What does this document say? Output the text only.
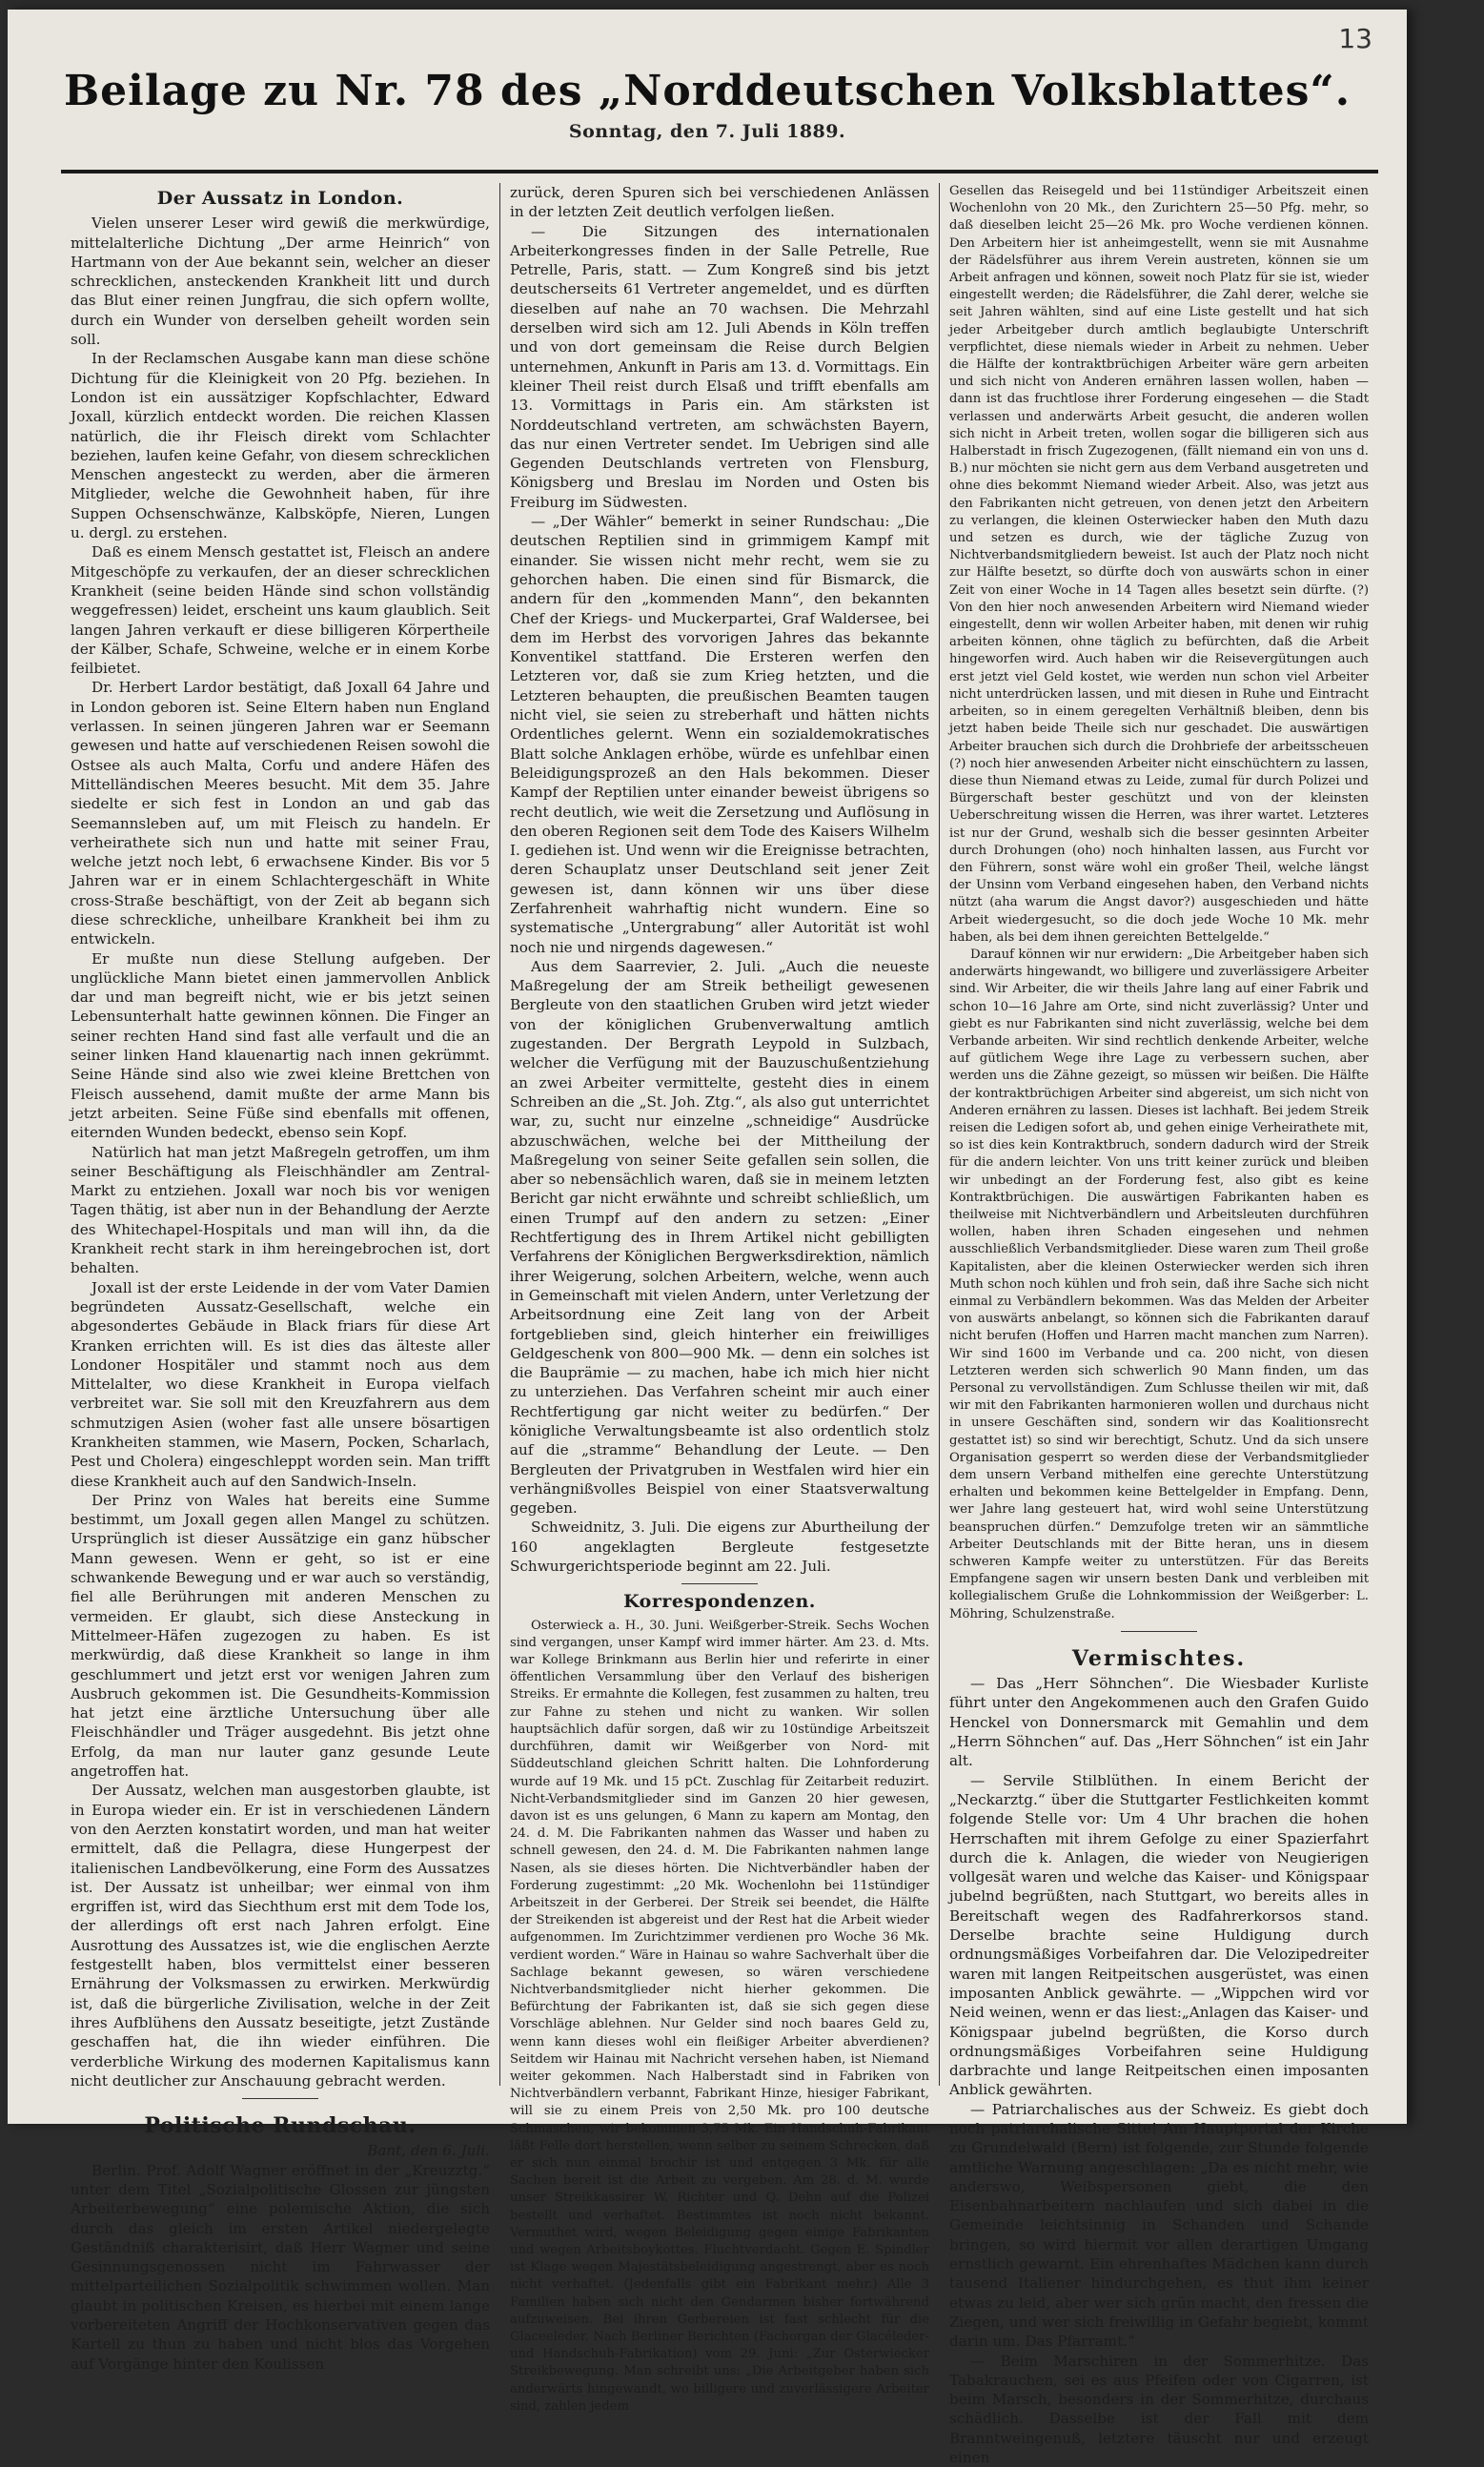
13
Beilage zu Nr. 78 des „Norddeutschen Volksblattes“.
Sonntag, den 7. Juli 1889.
Der Aussatz in London.

Vielen unserer Leser wird gewiß die merkwürdige, mittelalterliche Dichtung „Der arme Heinrich“ von Hartmann von der Aue bekannt sein, welcher an dieser schrecklichen, ansteckenden Krankheit litt und durch das Blut einer reinen Jungfrau, die sich opfern wollte, durch ein Wunder von derselben geheilt worden sein soll.

In der Reclamschen Ausgabe kann man diese schöne Dichtung für die Kleinigkeit von 20 Pfg. beziehen. In London ist ein aussätziger Kopfschlachter, Edward Joxall, kürzlich entdeckt worden. Die reichen Klassen natürlich, die ihr Fleisch direkt vom Schlachter beziehen, laufen keine Gefahr, von diesem schrecklichen Menschen angesteckt zu werden, aber die ärmeren Mitglieder, welche die Gewohnheit haben, für ihre Suppen Ochsenschwänze, Kalbsköpfe, Nieren, Lungen u. dergl. zu erstehen.

Daß es einem Mensch gestattet ist, Fleisch an andere Mitgeschöpfe zu verkaufen, der an dieser schrecklichen Krankheit (seine beiden Hände sind schon vollständig weggefressen) leidet, erscheint uns kaum glaublich. Seit langen Jahren verkauft er diese billigeren Körpertheile der Kälber, Schafe, Schweine, welche er in einem Korbe feilbietet.

Dr. Herbert Lardor bestätigt, daß Joxall 64 Jahre und in London geboren ist. Seine Eltern haben nun England verlassen. In seinen jüngeren Jahren war er Seemann gewesen und hatte auf verschiedenen Reisen sowohl die Ostsee als auch Malta, Corfu und andere Häfen des Mittelländischen Meeres besucht. Mit dem 35. Jahre siedelte er sich fest in London an und gab das Seemannsleben auf, um mit Fleisch zu handeln. Er verheirathete sich nun und hatte mit seiner Frau, welche jetzt noch lebt, 6 erwachsene Kinder. Bis vor 5 Jahren war er in einem Schlachtergeschäft in White cross-Straße beschäftigt, von der Zeit ab begann sich diese schreckliche, unheilbare Krankheit bei ihm zu entwickeln.

Er mußte nun diese Stellung aufgeben. Der unglückliche Mann bietet einen jammervollen Anblick dar und man begreift nicht, wie er bis jetzt seinen Lebensunterhalt hatte gewinnen können. Die Finger an seiner rechten Hand sind fast alle verfault und die an seiner linken Hand klauenartig nach innen gekrümmt. Seine Hände sind also wie zwei kleine Brettchen von Fleisch aussehend, damit mußte der arme Mann bis jetzt arbeiten. Seine Füße sind ebenfalls mit offenen, eiternden Wunden bedeckt, ebenso sein Kopf.

Natürlich hat man jetzt Maßregeln getroffen, um ihm seiner Beschäftigung als Fleischhändler am Zentral-Markt zu entziehen. Joxall war noch bis vor wenigen Tagen thätig, ist aber nun in der Behandlung der Aerzte des Whitechapel-Hospitals und man will ihn, da die Krankheit recht stark in ihm hereingebrochen ist, dort behalten.

Joxall ist der erste Leidende in der vom Vater Damien begründeten Aussatz-Gesellschaft, welche ein abgesondertes Gebäude in Black friars für diese Art Kranken errichten will. Es ist dies das älteste aller Londoner Hospitäler und stammt noch aus dem Mittelalter, wo diese Krankheit in Europa vielfach verbreitet war. Sie soll mit den Kreuzfahrern aus dem schmutzigen Asien (woher fast alle unsere bösartigen Krankheiten stammen, wie Masern, Pocken, Scharlach, Pest und Cholera) eingeschleppt worden sein. Man trifft diese Krankheit auch auf den Sandwich-Inseln.

Der Prinz von Wales hat bereits eine Summe bestimmt, um Joxall gegen allen Mangel zu schützen. Ursprünglich ist dieser Aussätzige ein ganz hübscher Mann gewesen. Wenn er geht, so ist er eine schwankende Bewegung und er war auch so verständig, fiel alle Berührungen mit anderen Menschen zu vermeiden. Er glaubt, sich diese Ansteckung in Mittelmeer-Häfen zugezogen zu haben. Es ist merkwürdig, daß diese Krankheit so lange in ihm geschlummert und jetzt erst vor wenigen Jahren zum Ausbruch gekommen ist. Die Gesundheits-Kommission hat jetzt eine ärztliche Untersuchung über alle Fleischhändler und Träger ausgedehnt. Bis jetzt ohne Erfolg, da man nur lauter ganz gesunde Leute angetroffen hat.

Der Aussatz, welchen man ausgestorben glaubte, ist in Europa wieder ein. Er ist in verschiedenen Ländern von den Aerzten konstatirt worden, und man hat weiter ermittelt, daß die Pellagra, diese Hungerpest der italienischen Landbevölkerung, eine Form des Aussatzes ist. Der Aussatz ist unheilbar; wer einmal von ihm ergriffen ist, wird das Siechthum erst mit dem Tode los, der allerdings oft erst nach Jahren erfolgt. Eine Ausrottung des Aussatzes ist, wie die englischen Aerzte festgestellt haben, blos vermittelst einer besseren Ernährung der Volksmassen zu erwirken. Merkwürdig ist, daß die bürgerliche Zivilisation, welche in der Zeit ihres Aufblühens den Aussatz beseitigte, jetzt Zustände geschaffen hat, die ihn wieder einführen. Die verderbliche Wirkung des modernen Kapitalismus kann nicht deutlicher zur Anschauung gebracht werden.

Politische Rundschau.
Bant, den 6. Juli.

Berlin. Prof. Adolf Wagner eröffnet in der „Kreuzztg.“ unter dem Titel „Sozialpolitische Glossen zur jüngsten Arbeiterbewegung“ eine polemische Aktion, die sich durch das gleich im ersten Artikel niedergelegte Geständniß charakterisirt, daß Herr Wagner und seine Gesinnungsgenossen nicht im Fahrwasser der mittelparteilichen Sozialpolitik schwimmen wollen. Man glaubt in politischen Kreisen, es hierbei mit einem lange vorbereiteten Angriff der Hochkonservativen gegen das Kartell zu thun zu haben und nicht blos das Vorgehen auf Vorgänge hinter den Koulissen

zurück, deren Spuren sich bei verschiedenen Anlässen in der letzten Zeit deutlich verfolgen ließen.

— Die Sitzungen des internationalen Arbeiterkongresses finden in der Salle Petrelle, Rue Petrelle, Paris, statt. — Zum Kongreß sind bis jetzt deutscherseits 61 Vertreter angemeldet, und es dürften dieselben auf nahe an 70 wachsen. Die Mehrzahl derselben wird sich am 12. Juli Abends in Köln treffen und von dort gemeinsam die Reise durch Belgien unternehmen, Ankunft in Paris am 13. d. Vormittags. Ein kleiner Theil reist durch Elsaß und trifft ebenfalls am 13. Vormittags in Paris ein. Am stärksten ist Norddeutschland vertreten, am schwächsten Bayern, das nur einen Vertreter sendet. Im Uebrigen sind alle Gegenden Deutschlands vertreten von Flensburg, Königsberg und Breslau im Norden und Osten bis Freiburg im Südwesten.

— „Der Wähler“ bemerkt in seiner Rundschau: „Die deutschen Reptilien sind in grimmigem Kampf mit einander. Sie wissen nicht mehr recht, wem sie zu gehorchen haben. Die einen sind für Bismarck, die andern für den „kommenden Mann“, den bekannten Chef der Kriegs- und Muckerpartei, Graf Waldersee, bei dem im Herbst des vorvorigen Jahres das bekannte Konventikel stattfand. Die Ersteren werfen den Letzteren vor, daß sie zum Krieg hetzten, und die Letzteren behaupten, die preußischen Beamten taugen nicht viel, sie seien zu streberhaft und hätten nichts Ordentliches gelernt. Wenn ein sozialdemokratisches Blatt solche Anklagen erhöbe, würde es unfehlbar einen Beleidigungsprozeß an den Hals bekommen. Dieser Kampf der Reptilien unter einander beweist übrigens so recht deutlich, wie weit die Zersetzung und Auflösung in den oberen Regionen seit dem Tode des Kaisers Wilhelm I. gediehen ist. Und wenn wir die Ereignisse betrachten, deren Schauplatz unser Deutschland seit jener Zeit gewesen ist, dann können wir uns über diese Zerfahrenheit wahrhaftig nicht wundern. Eine so systematische „Untergrabung“ aller Autorität ist wohl noch nie und nirgends dagewesen.“

Aus dem Saarrevier, 2. Juli. „Auch die neueste Maßregelung der am Streik betheiligt gewesenen Bergleute von den staatlichen Gruben wird jetzt wieder von der königlichen Grubenverwaltung amtlich zugestanden. Der Bergrath Leypold in Sulzbach, welcher die Verfügung mit der Bauzuschußentziehung an zwei Arbeiter vermittelte, gesteht dies in einem Schreiben an die „St. Joh. Ztg.“, als also gut unterrichtet war, zu, sucht nur einzelne „schneidige“ Ausdrücke abzuschwächen, welche bei der Mittheilung der Maßregelung von seiner Seite gefallen sein sollen, die aber so nebensächlich waren, daß sie in meinem letzten Bericht gar nicht erwähnte und schreibt schließlich, um einen Trumpf auf den andern zu setzen: „Einer Rechtfertigung des in Ihrem Artikel nicht gebilligten Verfahrens der Königlichen Bergwerksdirektion, nämlich ihrer Weigerung, solchen Arbeitern, welche, wenn auch in Gemeinschaft mit vielen Andern, unter Verletzung der Arbeitsordnung eine Zeit lang von der Arbeit fortgeblieben sind, gleich hinterher ein freiwilliges Geldgeschenk von 800—900 Mk. — denn ein solches ist die Bauprämie — zu machen, habe ich mich hier nicht zu unterziehen. Das Verfahren scheint mir auch einer Rechtfertigung gar nicht weiter zu bedürfen.“ Der königliche Verwaltungsbeamte ist also ordentlich stolz auf die „stramme“ Behandlung der Leute. — Den Bergleuten der Privatgruben in Westfalen wird hier ein verhängnißvolles Beispiel von einer Staatsverwaltung gegeben.

Schweidnitz, 3. Juli. Die eigens zur Aburtheilung der 160 angeklagten Bergleute festgesetzte Schwurgerichtsperiode beginnt am 22. Juli.

Korrespondenzen.

Osterwieck a. H., 30. Juni. Weißgerber-Streik. Sechs Wochen sind vergangen, unser Kampf wird immer härter. Am 23. d. Mts. war Kollege Brinkmann aus Berlin hier und referirte in einer öffentlichen Versammlung über den Verlauf des bisherigen Streiks. Er ermahnte die Kollegen, fest zusammen zu halten, treu zur Fahne zu stehen und nicht zu wanken. Wir sollen hauptsächlich dafür sorgen, daß wir zu 10stündige Arbeitszeit durchführen, damit wir Weißgerber von Nord- mit Süddeutschland gleichen Schritt halten. Die Lohnforderung wurde auf 19 Mk. und 15 pCt. Zuschlag für Zeitarbeit reduzirt. Nicht-Verbandsmitglieder sind im Ganzen 20 hier gewesen, davon ist es uns gelungen, 6 Mann zu kapern am Montag, den 24. d. M. Die Fabrikanten nahmen das Wasser und haben zu schnell gewesen, den 24. d. M. Die Fabrikanten nahmen lange Nasen, als sie dieses hörten. Die Nichtverbändler haben der Forderung zugestimmt: „20 Mk. Wochenlohn bei 11stündiger Arbeitszeit in der Gerberei. Der Streik sei beendet, die Hälfte der Streikenden ist abgereist und der Rest hat die Arbeit wieder aufgenommen. Im Zurichtzimmer verdienen pro Woche 36 Mk. verdient worden.“ Wäre in Hainau so wahre Sachverhalt über die Sachlage bekannt gewesen, so wären verschiedene Nichtverbandsmitglieder nicht hierher gekommen. Die Befürchtung der Fabrikanten ist, daß sie sich gegen diese Vorschläge ablehnen. Nur Gelder sind noch baares Geld zu, wenn kann dieses wohl ein fleißiger Arbeiter abverdienen? Seitdem wir Hainau mit Nachricht versehen haben, ist Niemand weiter gekommen. Nach Halberstadt sind in Fabriken von Nichtverbändlern verbannt, Fabrikant Hinze, hiesiger Fabrikant, will sie zu einem Preis von 2,50 Mk. pro 100 deutsche Schmaschen, wir bekommen 3,75 Mk. Ein Handschuh-Fabrikant läßt Felle dort herstellen, wenn selber zu seinem Schrecken, daß er sich nun einmal brochir ist und entgegen 3 Mk. für alle Sachen bereit ist die Arbeit zu vergeben. Am 28. d. M. wurde unser Streikkassirer W. Richter und Q. Dehn auf die Polizei bestellt und verhaftet. Bestimmtes ist noch nicht bekannt. Vermuthet wird, wegen Beleidigung gegen einige Fabrikanten und wegen Arbeitsboykottes. Fluchtverdacht. Gegen E. Spindler ist Klage wegen Majestätsbeleidigung angestrengt, aber es noch nicht verhaftet. (Jedenfalls gibt ein Fabrikant mehr.) Alle 3 Familien haben sich nicht den Gendarmen bisher fortwährend aufzuweisen. Bei ihren Gerbereien ist fast schlecht für die Glaceeleder. Nach Berliner Berichten (Fachorgan der Glacéleder- und Handschuh-Fabrikation) vom 29. Juni: „Zur Osterwiecker Streikbewegung. Man schreibt uns: „Die Arbeitgeber haben sich anderwärts hingewandt, wo billigere und zuverlässigere Arbeiter sind, zahlen jedem

Gesellen das Reisegeld und bei 11stündiger Arbeitszeit einen Wochenlohn von 20 Mk., den Zurichtern 25—50 Pfg. mehr, so daß dieselben leicht 25—26 Mk. pro Woche verdienen können. Den Arbeitern hier ist anheimgestellt, wenn sie mit Ausnahme der Rädelsführer aus ihrem Verein austreten, können sie um Arbeit anfragen und können, soweit noch Platz für sie ist, wieder eingestellt werden; die Rädelsführer, die Zahl derer, welche sie seit Jahren wählten, sind auf eine Liste gestellt und hat sich jeder Arbeitgeber durch amtlich beglaubigte Unterschrift verpflichtet, diese niemals wieder in Arbeit zu nehmen. Ueber die Hälfte der kontraktbrüchigen Arbeiter wäre gern arbeiten und sich nicht von Anderen ernähren lassen wollen, haben — dann ist das fruchtlose ihrer Forderung eingesehen — die Stadt verlassen und anderwärts Arbeit gesucht, die anderen wollen sich nicht in Arbeit treten, wollen sogar die billigeren sich aus Halberstadt in frisch Zugezogenen, (fällt niemand ein von uns d. B.) nur möchten sie nicht gern aus dem Verband ausgetreten und ohne dies bekommt Niemand wieder Arbeit. Also, was jetzt aus den Fabrikanten nicht getreuen, von denen jetzt den Arbeitern zu verlangen, die kleinen Osterwiecker haben den Muth dazu und setzen es durch, wie der tägliche Zuzug von Nichtverbandsmitgliedern beweist. Ist auch der Platz noch nicht zur Hälfte besetzt, so dürfte doch von auswärts schon in einer Zeit von einer Woche in 14 Tagen alles besetzt sein dürfte. (?) Von den hier noch anwesenden Arbeitern wird Niemand wieder eingestellt, denn wir wollen Arbeiter haben, mit denen wir ruhig arbeiten können, ohne täglich zu befürchten, daß die Arbeit hingeworfen wird. Auch haben wir die Reisevergütungen auch erst jetzt viel Geld kostet, wie werden nun schon viel Arbeiter nicht unterdrücken lassen, und mit diesen in Ruhe und Eintracht arbeiten, so in einem geregelten Verhältniß bleiben, denn bis jetzt haben beide Theile sich nur geschadet. Die auswärtigen Arbeiter brauchen sich durch die Drohbriefe der arbeitsscheuen (?) noch hier anwesenden Arbeiter nicht einschüchtern zu lassen, diese thun Niemand etwas zu Leide, zumal für durch Polizei und Bürgerschaft bester geschützt und von der kleinsten Ueberschreitung wissen die Herren, was ihrer wartet. Letzteres ist nur der Grund, weshalb sich die besser gesinnten Arbeiter durch Drohungen (oho) noch hinhalten lassen, aus Furcht vor den Führern, sonst wäre wohl ein großer Theil, welche längst der Unsinn vom Verband eingesehen haben, den Verband nichts nützt (aha warum die Angst davor?) ausgeschieden und hätte Arbeit wiedergesucht, so die doch jede Woche 10 Mk. mehr haben, als bei dem ihnen gereichten Bettelgelde.“

Darauf können wir nur erwidern: „Die Arbeitgeber haben sich anderwärts hingewandt, wo billigere und zuverlässigere Arbeiter sind. Wir Arbeiter, die wir theils Jahre lang auf einer Fabrik und schon 10—16 Jahre am Orte, sind nicht zuverlässig? Unter und giebt es nur Fabrikanten sind nicht zuverlässig, welche bei dem Verbande arbeiten. Wir sind rechtlich denkende Arbeiter, welche auf gütlichem Wege ihre Lage zu verbessern suchen, aber werden uns die Zähne gezeigt, so müssen wir beißen. Die Hälfte der kontraktbrüchigen Arbeiter sind abgereist, um sich nicht von Anderen ernähren zu lassen. Dieses ist lachhaft. Bei jedem Streik reisen die Ledigen sofort ab, und gehen einige Verheirathete mit, so ist dies kein Kontraktbruch, sondern dadurch wird der Streik für die andern leichter. Von uns tritt keiner zurück und bleiben wir unbedingt an der Forderung fest, also gibt es keine Kontraktbrüchigen. Die auswärtigen Fabrikanten haben es theilweise mit Nichtverbändlern und Arbeitsleuten durchführen wollen, haben ihren Schaden eingesehen und nehmen ausschließlich Verbandsmitglieder. Diese waren zum Theil große Kapitalisten, aber die kleinen Osterwiecker werden sich ihren Muth schon noch kühlen und froh sein, daß ihre Sache sich nicht einmal zu Verbändlern bekommen. Was das Melden der Arbeiter von auswärts anbelangt, so können sich die Fabrikanten darauf nicht berufen (Hoffen und Harren macht manchen zum Narren). Wir sind 1600 im Verbande und ca. 200 nicht, von diesen Letzteren werden sich schwerlich 90 Mann finden, um das Personal zu vervollständigen. Zum Schlusse theilen wir mit, daß wir mit den Fabrikanten harmonieren wollen und durchaus nicht in unsere Geschäften sind, sondern wir das Koalitionsrecht gestattet ist) so sind wir berechtigt, Schutz. Und da sich unsere Organisation gesperrt so werden diese der Verbandsmitglieder dem unsern Verband mithelfen eine gerechte Unterstützung erhalten und bekommen keine Bettelgelder in Empfang. Denn, wer Jahre lang gesteuert hat, wird wohl seine Unterstützung beanspruchen dürfen.“ Demzufolge treten wir an sämmtliche Arbeiter Deutschlands mit der Bitte heran, uns in diesem schweren Kampfe weiter zu unterstützen. Für das Bereits Empfangene sagen wir unsern besten Dank und verbleiben mit kollegialischem Gruße die Lohnkommission der Weißgerber: L. Möhring, Schulzenstraße.

Vermischtes.

— Das „Herr Söhnchen“. Die Wiesbader Kurliste führt unter den Angekommenen auch den Grafen Guido Henckel von Donnersmarck mit Gemahlin und dem „Herrn Söhnchen“ auf. Das „Herr Söhnchen“ ist ein Jahr alt.

— Servile Stilblüthen. In einem Bericht der „Neckarztg.“ über die Stuttgarter Festlichkeiten kommt folgende Stelle vor: Um 4 Uhr brachen die hohen Herrschaften mit ihrem Gefolge zu einer Spazierfahrt durch die k. Anlagen, die wieder von Neugierigen vollgesät waren und welche das Kaiser- und Königspaar jubelnd begrüßten, nach Stuttgart, wo bereits alles in Bereitschaft wegen des Radfahrerkorsos stand. Derselbe brachte seine Huldigung durch ordnungsmäßiges Vorbeifahren dar. Die Velozipedreiter waren mit langen Reitpeitschen ausgerüstet, was einen imposanten Anblick gewährte. — „Wippchen wird vor Neid weinen, wenn er das liest:„Anlagen das Kaiser- und Königspaar jubelnd begrüßten, die Korso durch ordnungsmäßiges Vorbeifahren seine Huldigung darbrachte und lange Reitpeitschen einen imposanten Anblick gewährten.

— Patriarchalisches aus der Schweiz. Es giebt doch noch patriarchalische Sitte! Am Hauptportal der Kirche zu Grundelwald (Bern) ist folgende, zur Stunde folgende amtliche Warnung angeschlagen: „Da es nicht mehr, wie anderswo, Weibspersonen giebt, die den Eisenbahnarbeitern nachlaufen und sich dabei in die Gemeinde leichtsinnig in Schanden und Schande bringen, so wird hiermit vor allen derartigen Umgang ernstlich gewarnt. Ein ehrenhaftes Mädchen kann durch tausend Italiener hindurchgehen, es thut ihm keiner etwas zu leid, aber wer sich grün macht, den fressen die Ziegen, und wer sich freiwillig in Gefahr begiebt, kommt darin um. Das Pfarramt.“

— Beim Marschiren in der Sommerhitze. Das Tabakrauchen, sei es aus Pfeifen oder von Cigarren, ist beim Marsch, besonders in der Sommerhitze, durchaus schädlich. Dasselbe ist der Fall mit dem Branntweingenuß, letztere täuscht nur und erzeugt einen
